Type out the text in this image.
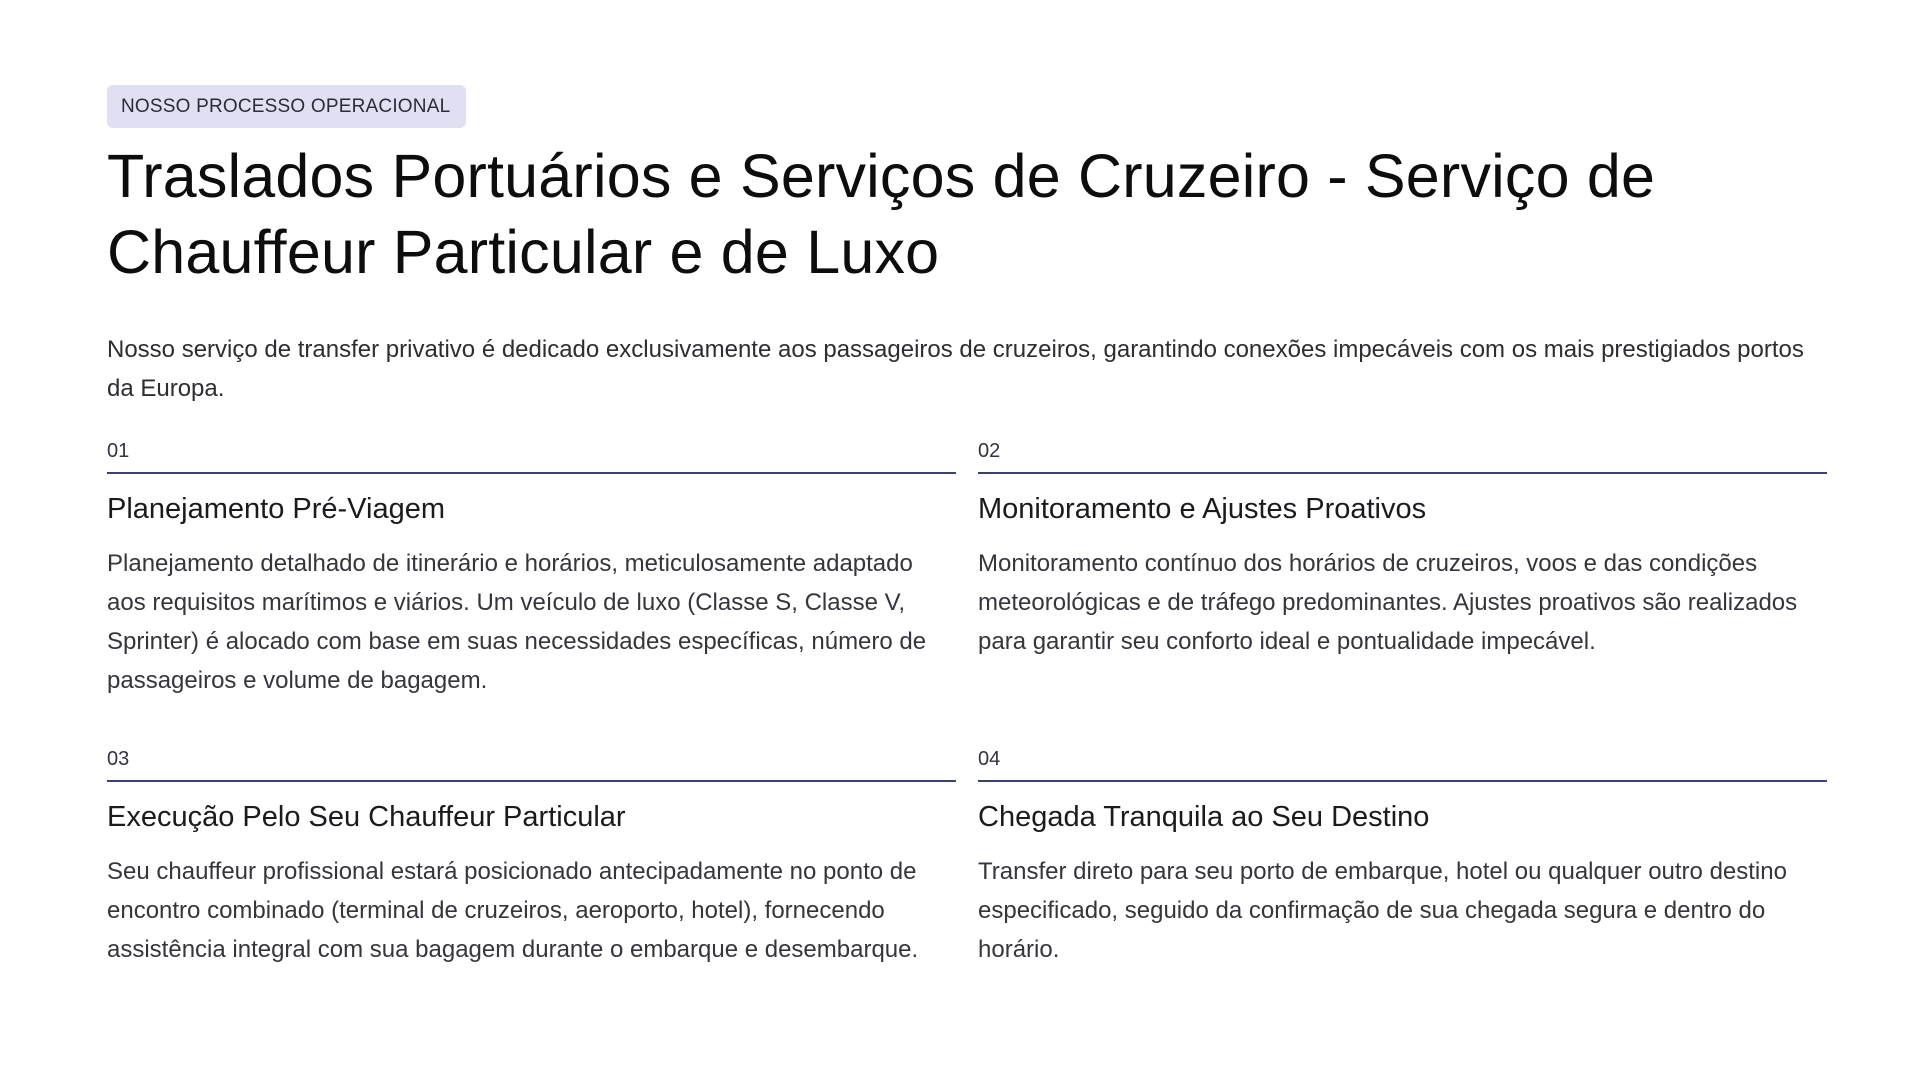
NOSSO PROCESSO OPERACIONAL
Traslados Portuários e Serviços de Cruzeiro - Serviço de Chauffeur Particular e de Luxo

Nosso serviço de transfer privativo é dedicado exclusivamente aos passageiros de cruzeiros, garantindo conexões impecáveis com os mais prestigiados portos da Europa.

01
Planejamento Pré-Viagem

Planejamento detalhado de itinerário e horários, meticulosamente adaptado aos requisitos marítimos e viários. Um veículo de luxo (Classe S, Classe V, Sprinter) é alocado com base em suas necessidades específicas, número de passageiros e volume de bagagem.

02
Monitoramento e Ajustes Proativos

Monitoramento contínuo dos horários de cruzeiros, voos e das condições meteorológicas e de tráfego predominantes. Ajustes proativos são realizados para garantir seu conforto ideal e pontualidade impecável.

03
Execução Pelo Seu Chauffeur Particular

Seu chauffeur profissional estará posicionado antecipadamente no ponto de encontro combinado (terminal de cruzeiros, aeroporto, hotel), fornecendo assistência integral com sua bagagem durante o embarque e desembarque.

04
Chegada Tranquila ao Seu Destino

Transfer direto para seu porto de embarque, hotel ou qualquer outro destino especificado, seguido da confirmação de sua chegada segura e dentro do horário.
